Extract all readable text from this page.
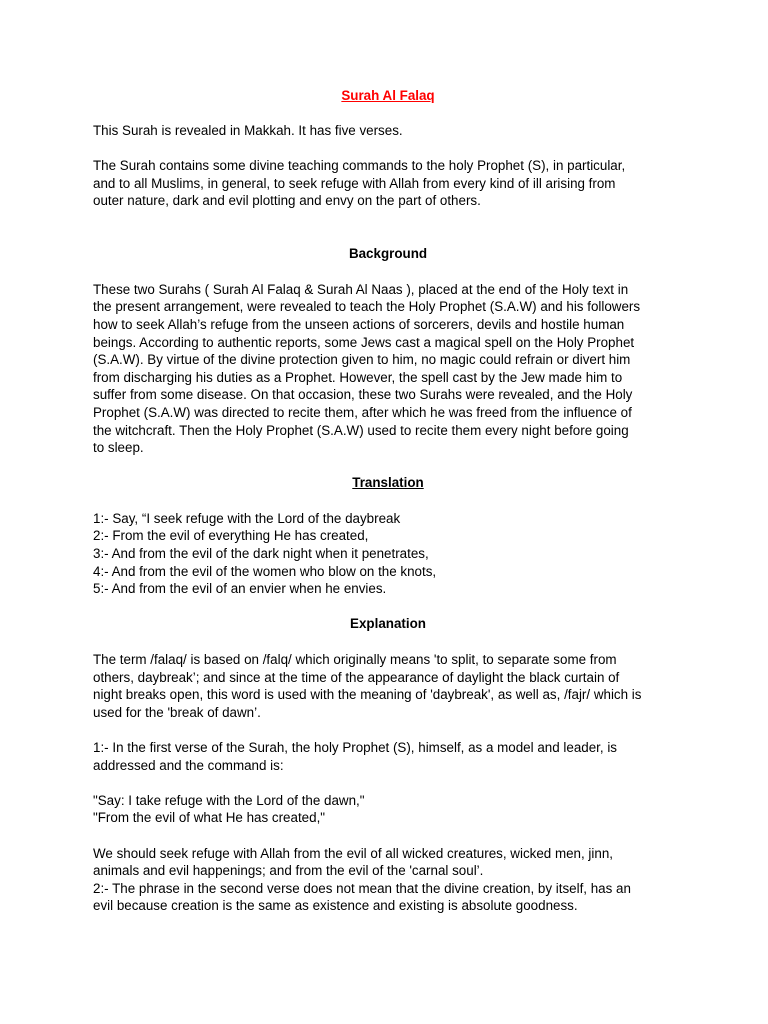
Surah Al Falaq

This Surah is revealed in Makkah. It has five verses.

The Surah contains some divine teaching commands to the holy Prophet (S), in particular,
and to all Muslims, in general, to seek refuge with Allah from every kind of ill arising from
outer nature, dark and evil plotting and envy on the part of others.

Background

These two Surahs ( Surah Al Falaq & Surah Al Naas ), placed at the end of the Holy text in
the present arrangement, were revealed to teach the Holy Prophet (S.A.W) and his followers
how to seek Allah’s refuge from the unseen actions of sorcerers, devils and hostile human
beings. According to authentic reports, some Jews cast a magical spell on the Holy Prophet
(S.A.W). By virtue of the divine protection given to him, no magic could refrain or divert him
from discharging his duties as a Prophet. However, the spell cast by the Jew made him to
suffer from some disease. On that occasion, these two Surahs were revealed, and the Holy
Prophet (S.A.W) was directed to recite them, after which he was freed from the influence of
the witchcraft. Then the Holy Prophet (S.A.W) used to recite them every night before going
to sleep.

Translation

1:- Say, “I seek refuge with the Lord of the daybreak
2:- From the evil of everything He has created,
3:- And from the evil of the dark night when it penetrates,
4:- And from the evil of the women who blow on the knots,
5:- And from the evil of an envier when he envies.

Explanation

The term /falaq/ is based on /falq/ which originally means 'to split, to separate some from
others, daybreak’; and since at the time of the appearance of daylight the black curtain of
night breaks open, this word is used with the meaning of 'daybreak', as well as, /fajr/ which is
used for the 'break of dawn’.

1:- In the first verse of the Surah, the holy Prophet (S), himself, as a model and leader, is
addressed and the command is:

"Say: I take refuge with the Lord of the dawn,"
"From the evil of what He has created,"

We should seek refuge with Allah from the evil of all wicked creatures, wicked men, jinn,
animals and evil happenings; and from the evil of the 'carnal soul’.
2:- The phrase in the second verse does not mean that the divine creation, by itself, has an
evil because creation is the same as existence and existing is absolute goodness.
